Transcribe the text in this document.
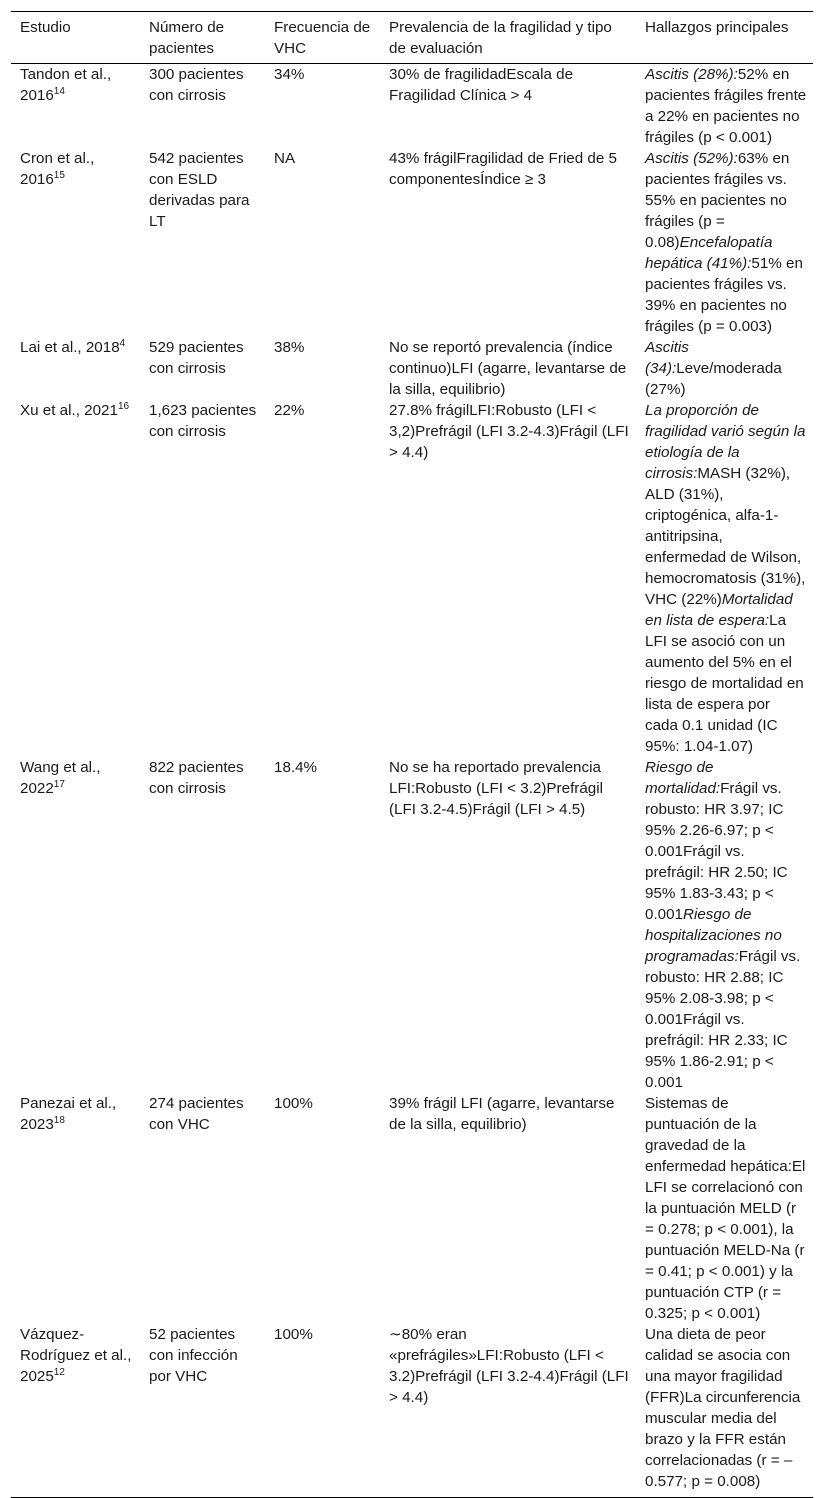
Estudio	Número de pacientes	Frecuencia de VHC	Prevalencia de la fragilidad y tipo de evaluación	Hallazgos principales
Tandon et al., 2016$^{14}$	300 pacientes con cirrosis	34%	30% de fragilidadEscala de Fragilidad Clínica > 4	Ascitis (28%):52% en pacientes frágiles frente a 22% en pacientes no frágiles (p < 0.001)
Cron et al., 2016$^{15}$	542 pacientes con ESLD derivadas para LT	NA	43% frágilFragilidad de Fried de 5 componentesÍndice ≥ 3	Ascitis (52%):63% en pacientes frágiles vs. 55% en pacientes no frágiles (p = 0.08)Encefalopatía hepática (41%):51% en pacientes frágiles vs. 39% en pacientes no frágiles (p = 0.003)
Lai et al., 2018$^4$	529 pacientes con cirrosis	38%	No se reportó prevalencia (índice continuo)LFI (agarre, levantarse de la silla, equilibrio)	Ascitis (34):Leve/moderada (27%)
Xu et al., 2021$^{16}$	1,623 pacientes con cirrosis	22%	27.8% frágilLFI:Robusto (LFI < 3,2)Prefrágil (LFI 3.2-4.3)Frágil (LFI > 4.4)	La proporción de fragilidad varió según la etiología de la cirrosis:MASH (32%), ALD (31%), criptogénica, alfa-1-antitripsina, enfermedad de Wilson, hemocromatosis (31%), VHC (22%)Mortalidad en lista de espera:La LFI se asoció con un aumento del 5% en el riesgo de mortalidad en lista de espera por cada 0.1 unidad (IC 95%: 1.04-1.07)
Wang et al., 2022$^{17}$	822 pacientes con cirrosis	18.4%	No se ha reportado prevalencia LFI:Robusto (LFI < 3.2)Prefrágil (LFI 3.2-4.5)Frágil (LFI > 4.5)	Riesgo de mortalidad:Frágil vs. robusto: HR 3.97; IC 95% 2.26-6.97; p < 0.001Frágil vs. prefrágil: HR 2.50; IC 95% 1.83-3.43; p < 0.001Riesgo de hospitalizaciones no programadas:Frágil vs. robusto: HR 2.88; IC 95% 2.08-3.98; p < 0.001Frágil vs. prefrágil: HR 2.33; IC 95% 1.86-2.91; p < 0.001
Panezai et al., 2023$^{18}$	274 pacientes con VHC	100%	39% frágil LFI (agarre, levantarse de la silla, equilibrio)	Sistemas de puntuación de la gravedad de la enfermedad hepática:El LFI se correlacionó con la puntuación MELD (r = 0.278; p < 0.001), la puntuación MELD-Na (r = 0.41; p < 0.001) y la puntuación CTP (r = 0.325; p < 0.001)
Vázquez-Rodríguez et al., 2025$^{12}$	52 pacientes con infección por VHC	100%	∼80% eran «prefrágiles»LFI:Robusto (LFI < 3.2)Prefrágil (LFI 3.2-4.4)Frágil (LFI > 4.4)	Una dieta de peor calidad se asocia con una mayor fragilidad (FFR)La circunferencia muscular media del brazo y la FFR están correlacionadas (r = –0.577; p = 0.008)
